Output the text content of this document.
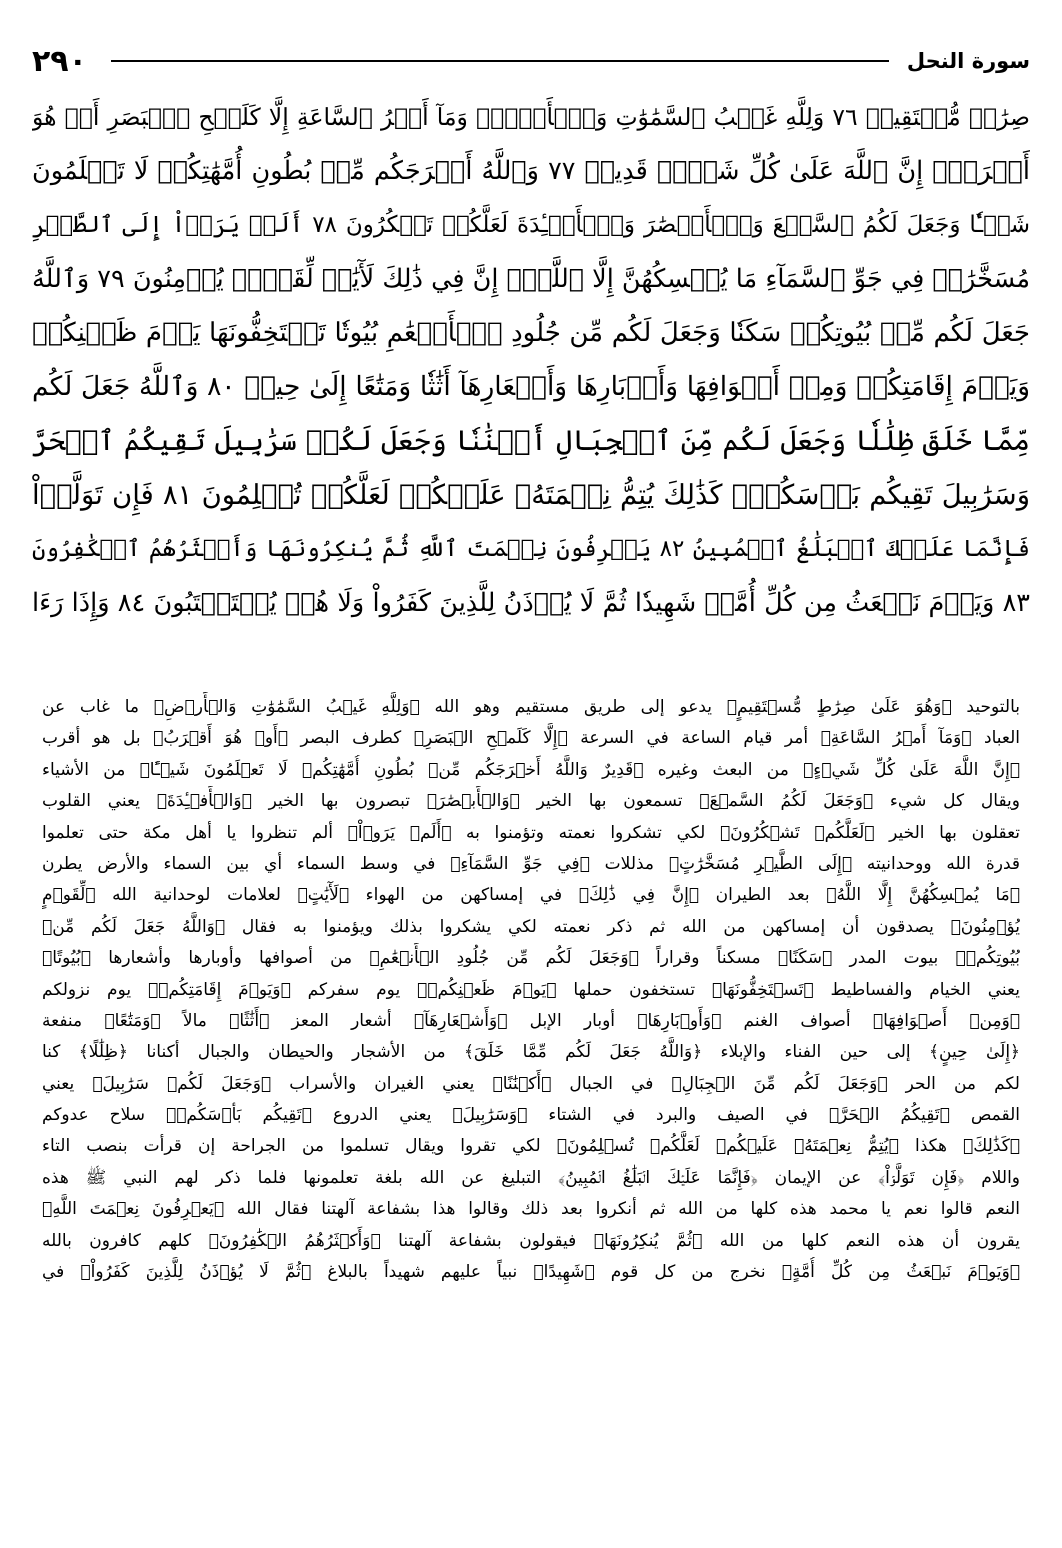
٢٩٠	سورة النحل
صِرَٰطٖ مُّسۡتَقِيمٖ ٧٦ وَلِلَّهِ غَيۡبُ ٱلسَّمَٰوَٰتِ وَٱلۡأَرۡضِۚ وَمَآ أَمۡرُ ٱلسَّاعَةِ إِلَّا كَلَمۡحِ ٱلۡبَصَرِ أَوۡ هُوَ
أَقۡرَبُۚ إِنَّ ٱللَّهَ عَلَىٰ كُلِّ شَيۡءٖ قَدِيرٞ ٧٧ وَٱللَّهُ أَخۡرَجَكُم مِّنۢ بُطُونِ أُمَّهَٰتِكُمۡ لَا تَعۡلَمُونَ
شَيۡـٔٗا وَجَعَلَ لَكُمُ ٱلسَّمۡعَ وَٱلۡأَبۡصَٰرَ وَٱلۡأَفۡـِٔدَةَ لَعَلَّكُمۡ تَشۡكُرُونَ ٧٨ أَلَمۡ يَرَوۡاْ إِلَى ٱلطَّيۡرِ
مُسَخَّرَٰتٖ فِي جَوِّ ٱلسَّمَآءِ مَا يُمۡسِكُهُنَّ إِلَّا ٱللَّهُۚ إِنَّ فِي ذَٰلِكَ لَأٓيَٰتٖ لِّقَوۡمٖ يُؤۡمِنُونَ ٧٩ وَٱللَّهُ
جَعَلَ لَكُم مِّنۢ بُيُوتِكُمۡ سَكَنٗا وَجَعَلَ لَكُم مِّن جُلُودِ ٱلۡأَنۡعَٰمِ بُيُوتٗا تَسۡتَخِفُّونَهَا يَوۡمَ ظَعۡنِكُمۡ
وَيَوۡمَ إِقَامَتِكُمۡ وَمِنۡ أَصۡوَافِهَا وَأَوۡبَارِهَا وَأَشۡعَارِهَآ أَثَٰثٗا وَمَتَٰعًا إِلَىٰ حِينٖ ٨٠ وَٱللَّهُ جَعَلَ لَكُم
مِّمَّا خَلَقَ ظِلَٰلٗا وَجَعَلَ لَكُم مِّنَ ٱلۡجِبَالِ أَكۡنَٰنٗا وَجَعَلَ لَكُمۡ سَرَٰبِيلَ تَقِيكُمُ ٱلۡحَرَّ
وَسَرَٰبِيلَ تَقِيكُم بَأۡسَكُمۡۚ كَذَٰلِكَ يُتِمُّ نِعۡمَتَهُۥ عَلَيۡكُمۡ لَعَلَّكُمۡ تُسۡلِمُونَ ٨١ فَإِن تَوَلَّوۡاْ
فَإِنَّمَا عَلَيۡكَ ٱلۡبَلَٰغُ ٱلۡمُبِينُ ٨٢ يَعۡرِفُونَ نِعۡمَتَ ٱللَّهِ ثُمَّ يُنكِرُونَهَا وَأَكۡثَرُهُمُ ٱلۡكَٰفِرُونَ
٨٣ وَيَوۡمَ نَبۡعَثُ مِن كُلِّ أُمَّةٖ شَهِيدٗا ثُمَّ لَا يُؤۡذَنُ لِلَّذِينَ كَفَرُواْ وَلَا هُمۡ يُسۡتَعۡتَبُونَ ٨٤ وَإِذَا رَءَا
بالتوحيد ﴿وَهُوَ عَلَىٰ صِرَٰطٍ مُّسۡتَقِيمٍ﴾ يدعو إلى طريق مستقيم وهو الله ﴿وَلِلَّهِ غَيۡبُ السَّمَٰوَٰتِ وَالۡأَرۡضِ﴾ ما غاب عن
العباد ﴿وَمَآ أَمۡرُ السَّاعَةِ﴾ أمر قيام الساعة في السرعة ﴿إِلَّا كَلَمۡحِ الۡبَصَرِ﴾ كطرف البصر ﴿أَوۡ هُوَ أَقۡرَبُ﴾ بل هو أقرب
﴿إِنَّ اللَّهَ عَلَىٰ كُلِّ شَيۡءٍ﴾ من البعث وغيره ﴿قَدِيرٌ وَاللَّهُ أَخۡرَجَكُم مِّنۢ بُطُونِ أُمَّهَٰتِكُمۡ لَا تَعۡلَمُونَ شَيۡـًٔا﴾ من الأشياء
ويقال كل شيء ﴿وَجَعَلَ لَكُمُ السَّمۡعَ﴾ تسمعون بها الخير ﴿وَالۡأَبۡصَٰرَ﴾ تبصرون بها الخير ﴿وَالۡأَفۡـِٔدَةَ﴾ يعني القلوب
تعقلون بها الخير ﴿لَعَلَّكُمۡ تَشۡكُرُونَ﴾ لكي تشكروا نعمته وتؤمنوا به ﴿أَلَمۡ يَرَوۡاْ﴾ ألم تنظروا يا أهل مكة حتى تعلموا
قدرة الله ووحدانيته ﴿إِلَى الطَّيۡرِ مُسَخَّرَٰتٍ﴾ مذللات ﴿فِي جَوِّ السَّمَآءِ﴾ في وسط السماء أي بين السماء والأرض يطرن
﴿مَا يُمۡسِكُهُنَّ إِلَّا اللَّهُ﴾ بعد الطيران ﴿إِنَّ فِي ذَٰلِكَ﴾ في إمساكهن من الهواء ﴿لَأٓيَٰتٍ﴾ لعلامات لوحدانية الله ﴿لِّقَوۡمٍ
يُؤۡمِنُونَ﴾ يصدقون أن إمساكهن من الله ثم ذكر نعمته لكي يشكروا بذلك ويؤمنوا به فقال ﴿وَاللَّهُ جَعَلَ لَكُم مِّنۢ
بُيُوتِكُمۡ﴾ بيوت المدر ﴿سَكَنًا﴾ مسكناً وقراراً ﴿وَجَعَلَ لَكُم مِّن جُلُودِ الۡأَنۡعَٰمِ﴾ من أصوافها وأوبارها وأشعارها ﴿بُيُوتًا﴾
يعني الخيام والفساطيط ﴿تَسۡتَخِفُّونَهَا﴾ تستخفون حملها ﴿يَوۡمَ ظَعۡنِكُمۡ﴾ يوم سفركم ﴿وَيَوۡمَ إِقَامَتِكُمۡ﴾ يوم نزولكم
﴿وَمِنۡ أَصۡوَافِهَا﴾ أصواف الغنم ﴿وَأَوۡبَارِهَا﴾ أوبار الإبل ﴿وَأَشۡعَارِهَآ﴾ أشعار المعز ﴿أَثَٰثًا﴾ مالاً ﴿وَمَتَٰعًا﴾ منفعة
﴿إِلَىٰ حِينٍ﴾ إلى حين الفناء والإبلاء ﴿وَاللَّهُ جَعَلَ لَكُم مِّمَّا خَلَقَ﴾ من الأشجار والحيطان والجبال أكنانا ﴿ظِلَٰلًا﴾ كنا
لكم من الحر ﴿وَجَعَلَ لَكُم مِّنَ الۡجِبَالِ﴾ في الجبال ﴿أَكۡنَٰنًا﴾ يعني الغيران والأسراب ﴿وَجَعَلَ لَكُمۡ سَرَٰبِيلَ﴾ يعني
القمص ﴿تَقِيكُمُ الۡحَرَّ﴾ في الصيف والبرد في الشتاء ﴿وَسَرَٰبِيلَ﴾ يعني الدروع ﴿تَقِيكُم بَأۡسَكُمۡ﴾ سلاح عدوكم
﴿كَذَٰلِكَ﴾ هكذا ﴿يُتِمُّ نِعۡمَتَهُۥ عَلَيۡكُمۡ لَعَلَّكُمۡ تُسۡلِمُونَ﴾ لكي تقروا ويقال تسلموا من الجراحة إن قرأت بنصب التاء
واللام ﴿فَإِن تَوَلَّوۡاْ﴾ عن الإيمان ﴿فَإِنَّمَا عَلَيۡكَ الۡبَلَٰغُ الۡمُبِينُ﴾ التبليغ عن الله بلغة تعلمونها فلما ذكر لهم النبي ﷺ هذه
النعم قالوا نعم يا محمد هذه كلها من الله ثم أنكروا بعد ذلك وقالوا هذا بشفاعة آلهتنا فقال الله ﴿يَعۡرِفُونَ نِعۡمَتَ اللَّهِ﴾
يقرون أن هذه النعم كلها من الله ﴿ثُمَّ يُنكِرُونَهَا﴾ فيقولون بشفاعة آلهتنا ﴿وَأَكۡثَرُهُمُ الۡكَٰفِرُونَ﴾ كلهم كافرون بالله
﴿وَيَوۡمَ نَبۡعَثُ مِن كُلِّ أُمَّةٍ﴾ نخرج من كل قوم ﴿شَهِيدًا﴾ نبياً عليهم شهيداً بالبلاغ ﴿ثُمَّ لَا يُؤۡذَنُ لِلَّذِينَ كَفَرُواْ﴾ في
